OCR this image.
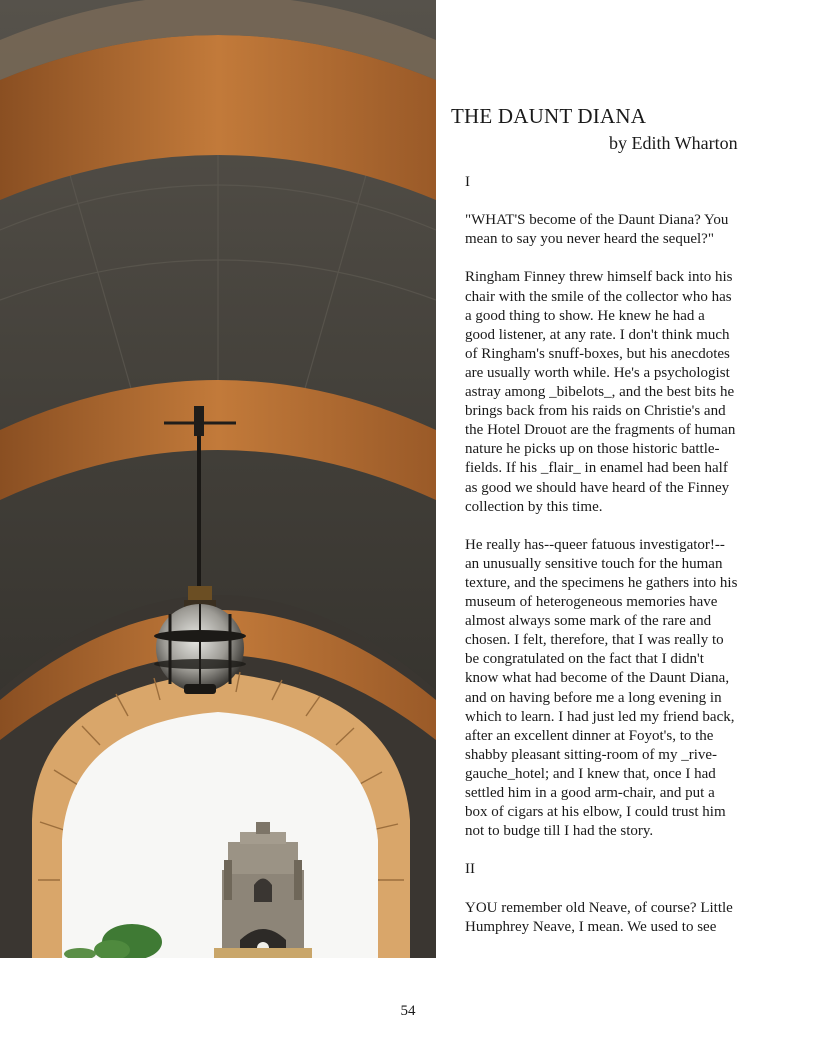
THE DAUNT DIANA

by Edith Wharton

I

"WHAT'S become of the Daunt Diana? You
mean to say you never heard the sequel?"

Ringham Finney threw himself back into his
chair with the smile of the collector who has
a good thing to show. He knew he had a
good listener, at any rate. I don't think much
of Ringham's snuff-boxes, but his anecdotes
are usually worth while. He's a psychologist
astray among _bibelots_, and the best bits he
brings back from his raids on Christie's and
the Hotel Drouot are the fragments of human
nature he picks up on those historic battle-
fields. If his _flair_ in enamel had been half
as good we should have heard of the Finney
collection by this time.

He really has--queer fatuous investigator!--
an unusually sensitive touch for the human
texture, and the specimens he gathers into his
museum of heterogeneous memories have
almost always some mark of the rare and
chosen. I felt, therefore, that I was really to
be congratulated on the fact that I didn't
know what had become of the Daunt Diana,
and on having before me a long evening in
which to learn. I had just led my friend back,
after an excellent dinner at Foyot's, to the
shabby pleasant sitting-room of my _rive-
gauche_hotel; and I knew that, once I had
settled him in a good arm-chair, and put a
box of cigars at his elbow, I could trust him
not to budge till I had the story.

II

YOU remember old Neave, of course? Little
Humphrey Neave, I mean. We used to see

54
